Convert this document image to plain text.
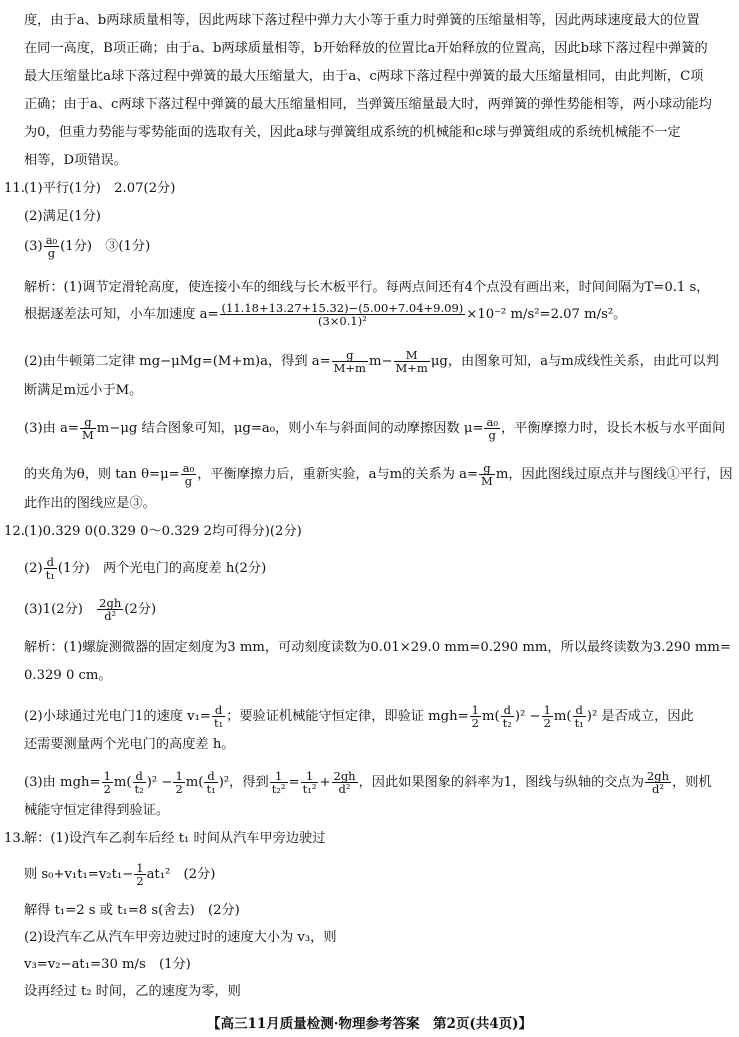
度，由于a、b两球质量相等，因此两球下落过程中弹力大小等于重力时弹簧的压缩量相等，因此两球速度最大的位置
在同一高度，B项正确；由于a、b两球质量相等，b开始释放的位置比a开始释放的位置高，因此b球下落过程中弹簧的
最大压缩量比a球下落过程中弹簧的最大压缩量大，由于a、c两球下落过程中弹簧的最大压缩量相同，由此判断，C项
正确；由于a、c两球下落过程中弹簧的最大压缩量相同，当弹簧压缩量最大时，两弹簧的弹性势能相等，两小球动能均
为0，但重力势能与零势能面的选取有关，因此a球与弹簧组成系统的机械能和c球与弹簧组成的系统机械能不一定
相等，D项错误。
11. (1)平行(1分)　2.07(2分)
(2)满足(1分)
$(3) \frac{\text{a₀}}{g} (1$分)　③(1分)
解析：(1)调节定滑轮高度，使连接小车的细线与长木板平行。每两点间还有4个点没有画出来，时间间隔为T=0.1 s，
根据逐差法可知，小车加速度 $a= \frac{(11.18+13.27+15.32)-(5.00+7.04+9.09)}{\text{(3×0.1)²}} \times 10^{-2}$ m/s²=2.07 m/s²。
(2)由牛顿第二定律 mg−μMg=(M+m)a，得到 $a= \frac{g}{M+m} m- \frac{M}{M+m}$ μg，由图象可知，a与m成线性关系，由此可以判
断满足m远小于M。
(3)由 $a= \frac{g}{M} m-\mu g$ 结合图象可知，μg=a₀，则小车与斜面间的动摩擦因数 $\mu= \frac{\text{a₀}}{g}$ ，平衡摩擦力时，设长木板与水平面间
的夹角为θ，则 $\tan \theta=\mu= \frac{\text{a₀}}{g}$ ，平衡摩擦力后，重新实验，a与m的关系为 $a= \frac{g}{M}$ m，因此图线过原点并与图线①平行，因
此作出的图线应是③。
12. (1)0.329 0(0.329 0～0.329 2均可得分)(2分)
$(2) \frac{d}{\text{t₁}} (1$分)　两个光电门的高度差 h(2分)
(3)1(2分)　 $\frac{2gh}{\text{d²}} (2$分)
解析：(1)螺旋测微器的固定刻度为3 mm，可动刻度读数为0.01×29.0 mm=0.290 mm，所以最终读数为3.290 mm=
0.329 0 cm。
(2)小球通过光电门1的速度 $v_1= \frac{d}{\text{t₁}}$ ；要验证机械能守恒定律，即验证 $mgh= \frac{1}{2} m( \frac{d}{\text{t₂}} )^2 - \frac{1}{2} m( \frac{d}{\text{t₁}} )^2$ 是否成立，因此
还需要测量两个光电门的高度差 h。
(3)由 $mgh= \frac{1}{2} m( \frac{d}{\text{t₂}} )^2 - \frac{1}{2} m( \frac{d}{\text{t₁}} )^2$，得到 $\frac{1}{\text{t₂²}} = \frac{1}{\text{t₁²}} + \frac{2gh}{\text{d²}}$ ，因此如果图象的斜率为1，图线与纵轴的交点为 $\frac{2gh}{\text{d²}}$ ，则机
械能守恒定律得到验证。
13. 解：(1)设汽车乙刹车后经 t₁ 时间从汽车甲旁边驶过
则 $s_0+v_1t_1=v_2t_1- \frac{1}{2} at_1^2$　(2分)
解得 t₁=2 s 或 t₁=8 s(舍去)　(2分)
(2)设汽车乙从汽车甲旁边驶过时的速度大小为 v₃，则
v₃=v₂−at₁=30 m/s　(1分)
设再经过 t₂ 时间，乙的速度为零，则
【高三11月质量检测·物理参考答案　第2页(共4页)】
